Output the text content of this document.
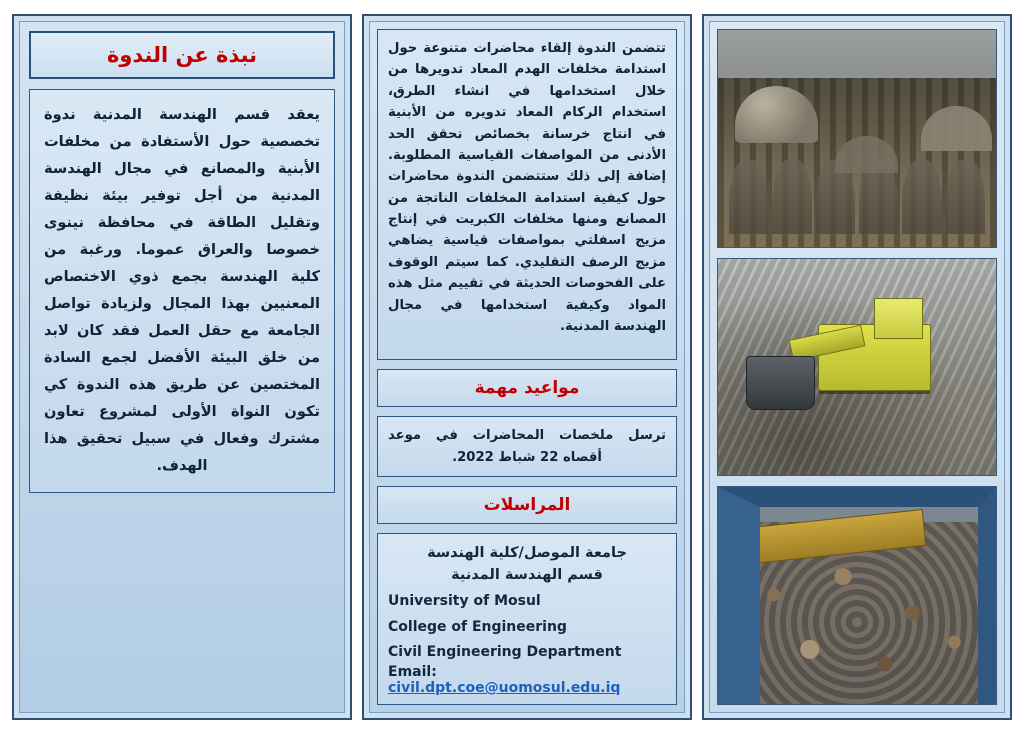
تتضمن الندوة إلقاء محاضرات متنوعة حول استدامة مخلفات الهدم المعاد تدويرها من خلال استخدامها في انشاء الطرق، استخدام الركام المعاد تدويره من الأبنية في انتاج خرسانة بخصائص تحقق الحد الأدنى من المواصفات القياسية المطلوبة. إضافة إلى ذلك ستتضمن الندوة محاضرات حول كيفية استدامة المخلفات الناتجة من المصانع ومنها مخلفات الكبريت في إنتاج مزيج اسفلتي بمواصفات قياسية يضاهي مزيج الرصف التقليدي. كما سيتم الوقوف على الفحوصات الحديثة في تقييم مثل هذه المواد وكيفية استخدامها في مجال الهندسة المدنية.
مواعيد مهمة
ترسل ملخصات المحاضرات في موعد أقصاه 22 شباط 2022.
المراسلات
جامعة الموصل/كلية الهندسة
قسم الهندسة المدنية
University of Mosul
College of Engineering
Civil Engineering Department
Email: civil.dpt.coe@uomosul.edu.iq
نبذة عن الندوة
يعقد قسم الهندسة المدنية ندوة تخصصية حول الأستفادة من مخلفات الأبنية والمصانع في مجال الهندسة المدنية من أجل توفير بيئة نظيفة وتقليل الطاقة في محافظة نينوى خصوصا والعراق عموما. ورغبة من كلية الهندسة بجمع ذوي الاختصاص المعنيين بهذا المجال ولزيادة تواصل الجامعة مع حقل العمل فقد كان لابد من خلق البيئة الأفضل لجمع السادة المختصين عن طريق هذه الندوة كي تكون النواة الأولى لمشروع تعاون مشترك وفعال في سبيل تحقيق هذا الهدف.
